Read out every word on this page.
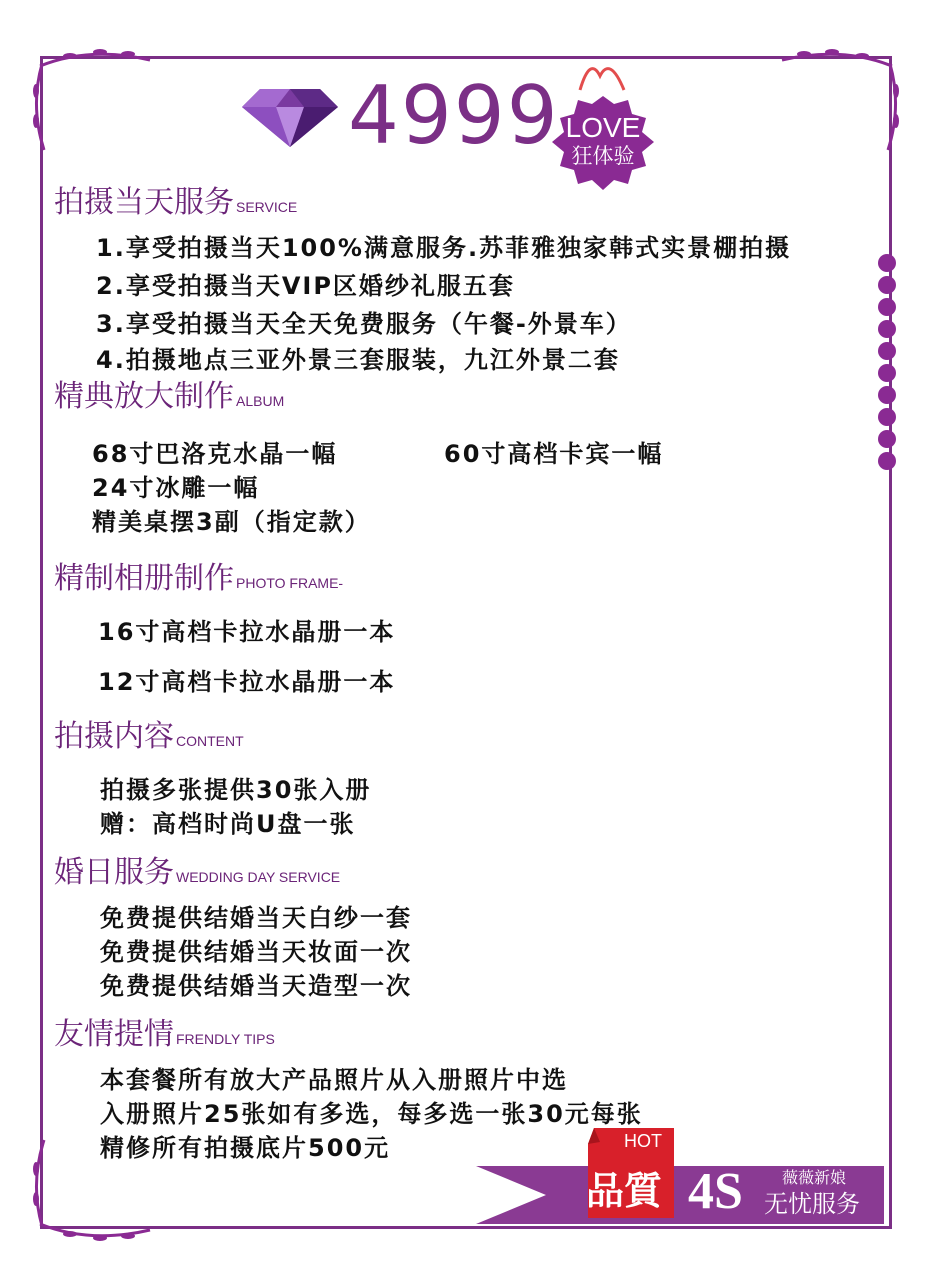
4999 LOVE
狂体验
拍摄当天服务 SERVICE
1.享受拍摄当天100%满意服务.苏菲雅独家韩式实景棚拍摄
2.享受拍摄当天VIP区婚纱礼服五套
3.享受拍摄当天全天免费服务（午餐-外景车）
4.拍摄地点三亚外景三套服装，九江外景二套
精典放大制作 ALBUM
68寸巴洛克水晶一幅	60寸高档卡宾一幅
24寸冰雕一幅
精美桌摆3副（指定款）
精制相册制作 PHOTO FRAME-
16寸高档卡拉水晶册一本
12寸高档卡拉水晶册一本
拍摄内容 CONTENT
拍摄多张提供30张入册
赠：高档时尚U盘一张
婚日服务 WEDDING DAY SERVICE
免费提供结婚当天白纱一套
免费提供结婚当天妆面一次
免费提供结婚当天造型一次
友情提情 FRENDLY TIPS
本套餐所有放大产品照片从入册照片中选
入册照片25张如有多选，每多选一张30元每张
精修所有拍摄底片500元	HOT
品質 4S 薇薇新娘
无忧服务
